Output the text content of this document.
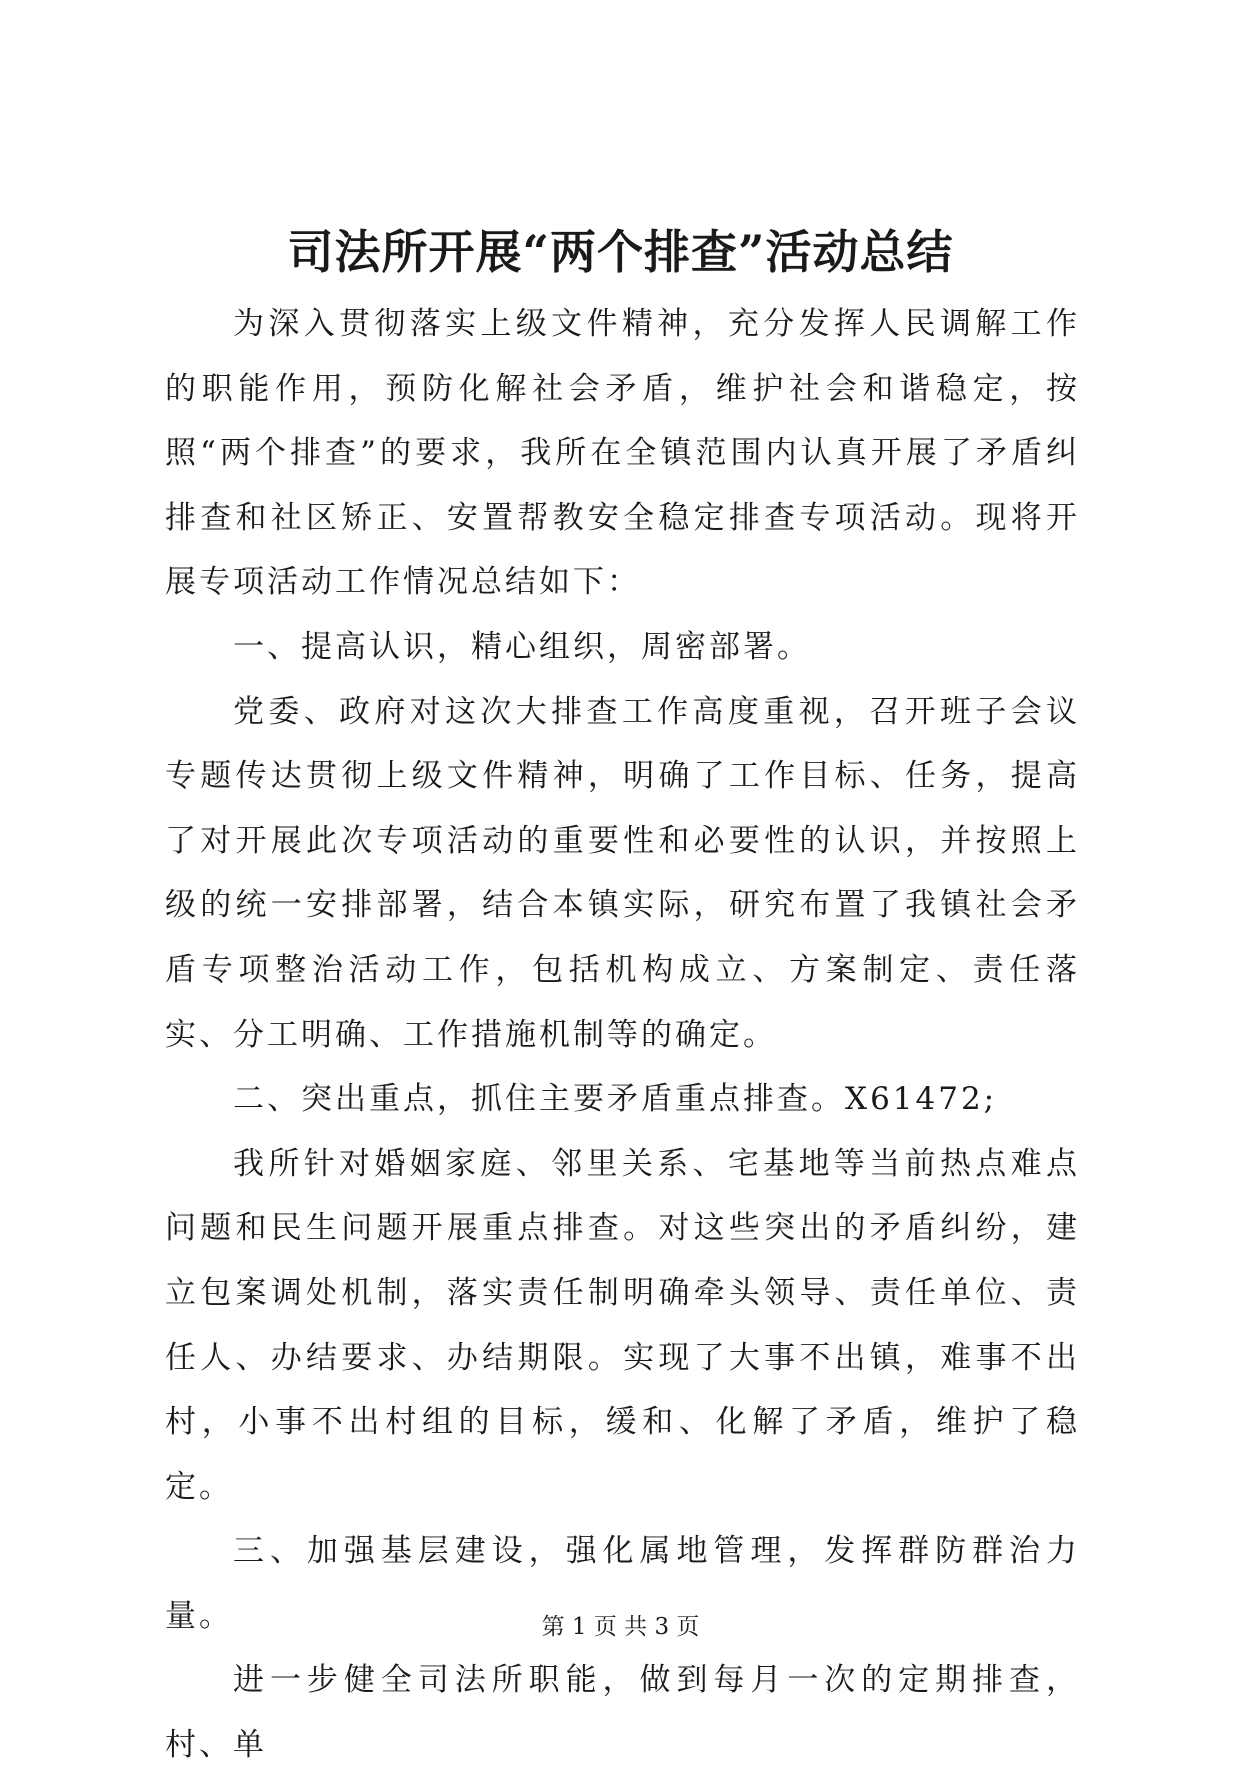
司法所开展“两个排查”活动总结

为深入贯彻落实上级文件精神，充分发挥人民调解工作的职能作用，预防化解社会矛盾，维护社会和谐稳定，按照“两个排查”的要求，我所在全镇范围内认真开展了矛盾纠排查和社区矫正、安置帮教安全稳定排查专项活动。现将开展专项活动工作情况总结如下：

一、提高认识，精心组织，周密部署。

党委、政府对这次大排查工作高度重视，召开班子会议专题传达贯彻上级文件精神，明确了工作目标、任务，提高了对开展此次专项活动的重要性和必要性的认识，并按照上级的统一安排部署，结合本镇实际，研究布置了我镇社会矛盾专项整治活动工作，包括机构成立、方案制定、责任落实、分工明确、工作措施机制等的确定。

二、突出重点，抓住主要矛盾重点排查。X61472;

我所针对婚姻家庭、邻里关系、宅基地等当前热点难点问题和民生问题开展重点排查。对这些突出的矛盾纠纷，建立包案调处机制，落实责任制明确牵头领导、责任单位、责任人、办结要求、办结期限。实现了大事不出镇，难事不出村，小事不出村组的目标，缓和、化解了矛盾，维护了稳定。

三、加强基层建设，强化属地管理，发挥群防群治力量。

进一步健全司法所职能，做到每月一次的定期排查，村、单

第 1 页 共 3 页
